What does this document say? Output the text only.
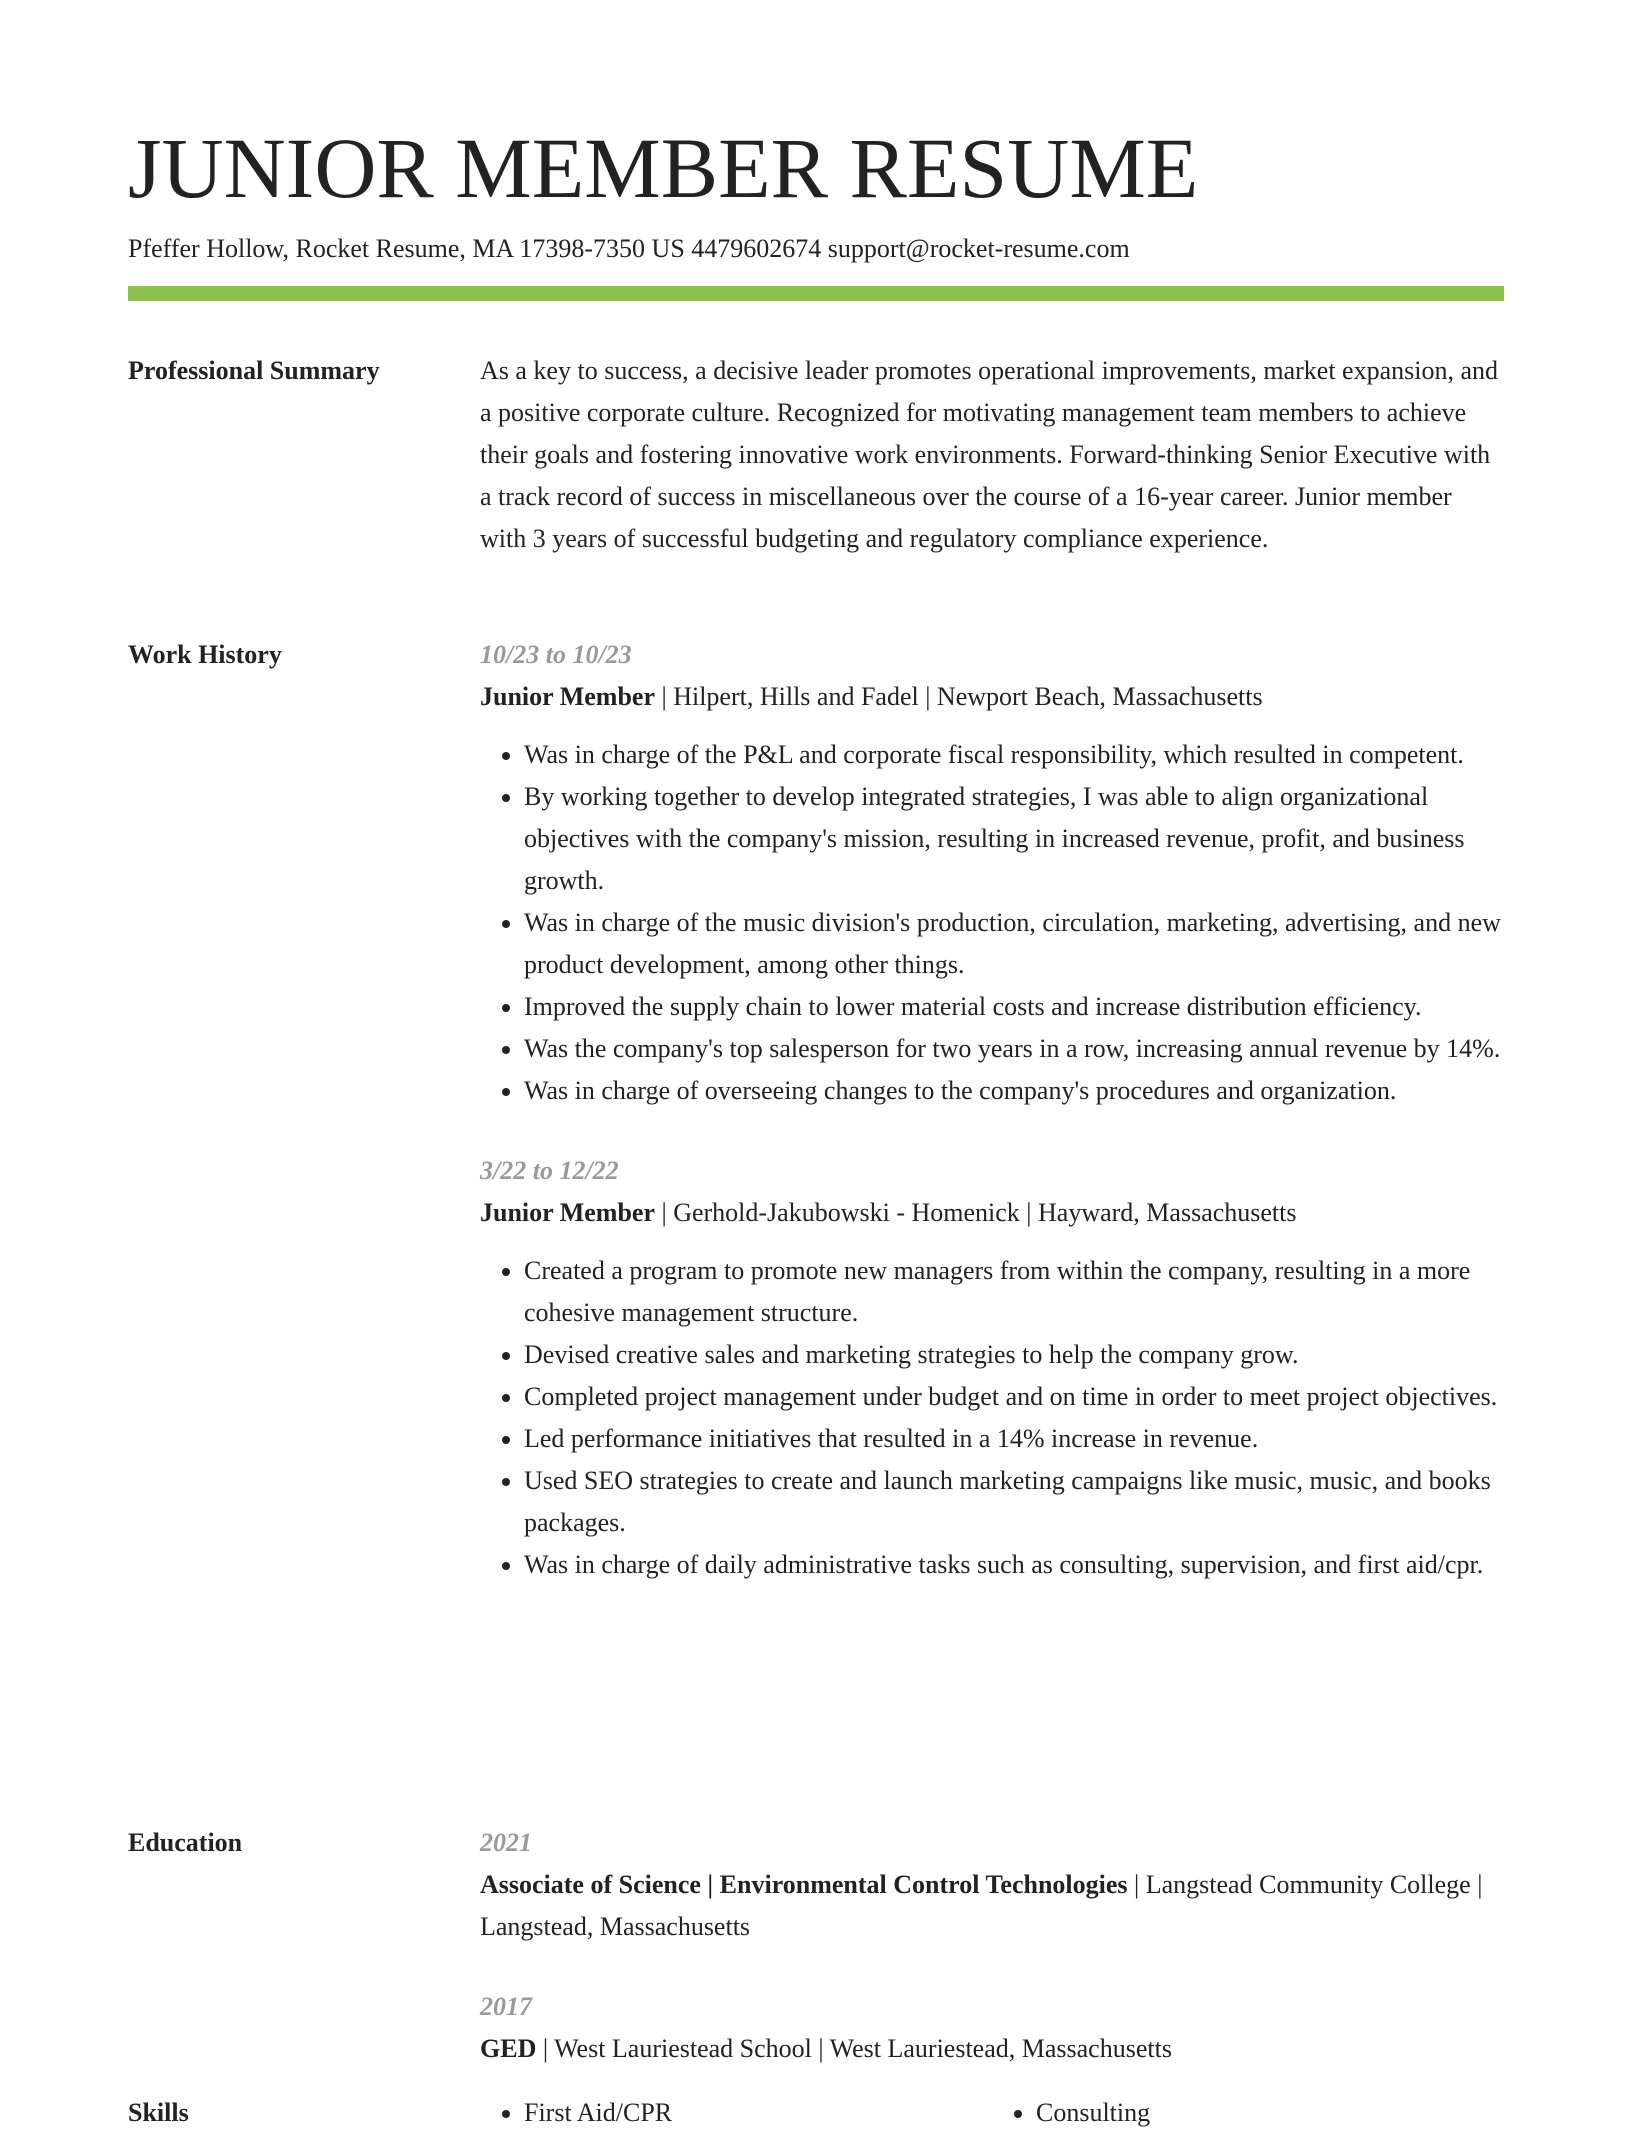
JUNIOR MEMBER RESUME
Pfeffer Hollow, Rocket Resume, MA 17398-7350 US 4479602674 support@rocket-resume.com
Professional Summary	As a key to success, a decisive leader promotes operational improvements, market expansion, and a positive corporate culture. Recognized for motivating management team members to achieve their goals and fostering innovative work environments. Forward-thinking Senior Executive with a track record of success in miscellaneous over the course of a 16-year career. Junior member with 3 years of successful budgeting and regulatory compliance experience.

Work History	10/23 to 10/23
Junior Member | Hilpert, Hills and Fadel | Newport Beach, Massachusetts
• Was in charge of the P&L and corporate fiscal responsibility, which resulted in competent.
• By working together to develop integrated strategies, I was able to align organizational objectives with the company's mission, resulting in increased revenue, profit, and business growth.
• Was in charge of the music division's production, circulation, marketing, advertising, and new product development, among other things.
• Improved the supply chain to lower material costs and increase distribution efficiency.
• Was the company's top salesperson for two years in a row, increasing annual revenue by 14%.
• Was in charge of overseeing changes to the company's procedures and organization.
3/22 to 12/22
Junior Member | Gerhold-Jakubowski - Homenick | Hayward, Massachusetts
• Created a program to promote new managers from within the company, resulting in a more cohesive management structure.
• Devised creative sales and marketing strategies to help the company grow.
• Completed project management under budget and on time in order to meet project objectives.
• Led performance initiatives that resulted in a 14% increase in revenue.
• Used SEO strategies to create and launch marketing campaigns like music, music, and books packages.
• Was in charge of daily administrative tasks such as consulting, supervision, and first aid/cpr.
Education	2021
Associate of Science | Environmental Control Technologies | Langstead Community College | Langstead, Massachusetts
2017
GED | West Lauriestead School | West Lauriestead, Massachusetts
Skills	• First Aid/CPR	• Consulting
